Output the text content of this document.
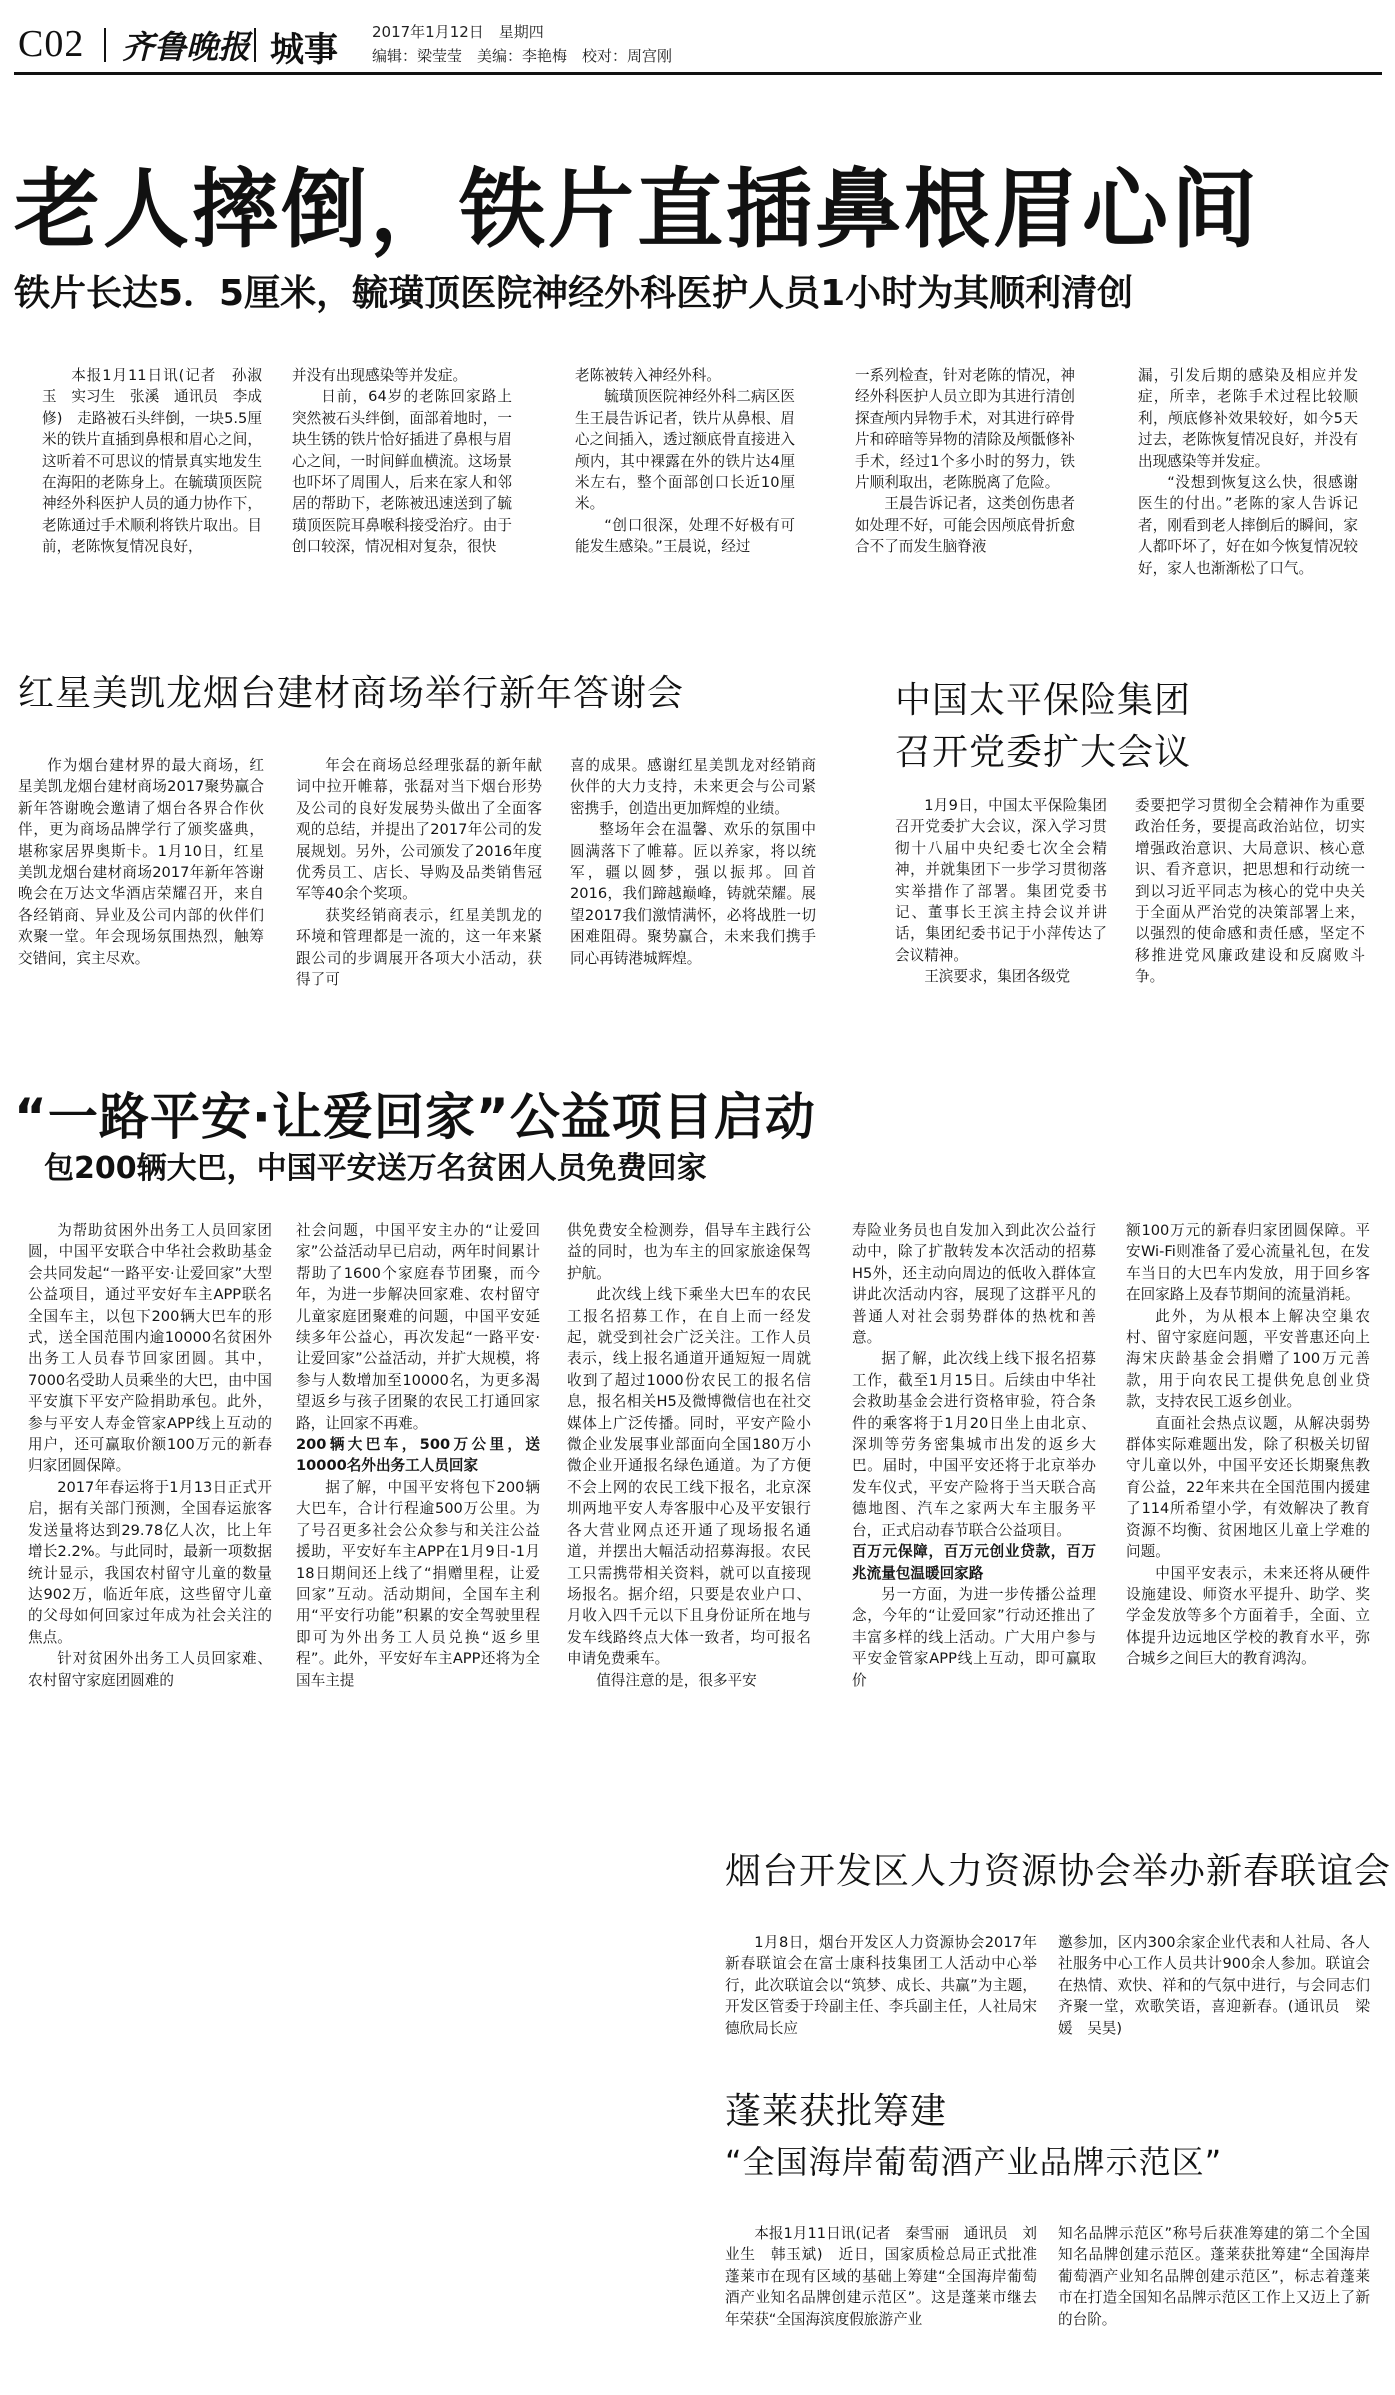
C02 齐鲁晚报 城事 2017年1月12日　星期四
编辑：梁莹莹　美编：李艳梅　校对：周宫刚
老人摔倒，铁片直插鼻根眉心间
铁片长达5．5厘米，毓璜顶医院神经外科医护人员1小时为其顺利清创

本报1月11日讯(记者　孙淑玉　实习生　张溪　通讯员　李成修)　走路被石头绊倒，一块5.5厘米的铁片直插到鼻根和眉心之间，这听着不可思议的情景真实地发生在海阳的老陈身上。在毓璜顶医院神经外科医护人员的通力协作下，老陈通过手术顺利将铁片取出。目前，老陈恢复情况良好，

并没有出现感染等并发症。

日前，64岁的老陈回家路上突然被石头绊倒，面部着地时，一块生锈的铁片恰好插进了鼻根与眉心之间，一时间鲜血横流。这场景也吓坏了周围人，后来在家人和邻居的帮助下，老陈被迅速送到了毓璜顶医院耳鼻喉科接受治疗。由于创口较深，情况相对复杂，很快

老陈被转入神经外科。

毓璜顶医院神经外科二病区医生王晨告诉记者，铁片从鼻根、眉心之间插入，透过额底骨直接进入颅内，其中裸露在外的铁片达4厘米左右，整个面部创口长近10厘米。

“创口很深，处理不好极有可能发生感染。”王晨说，经过

一系列检查，针对老陈的情况，神经外科医护人员立即为其进行清创探查颅内异物手术，对其进行碎骨片和碎暗等异物的清除及颅骶修补手术，经过1个多小时的努力，铁片顺利取出，老陈脱离了危险。

王晨告诉记者，这类创伤患者如处理不好，可能会因颅底骨折愈合不了而发生脑脊液

漏，引发后期的感染及相应并发症，所幸，老陈手术过程比较顺利，颅底修补效果较好，如今5天过去，老陈恢复情况良好，并没有出现感染等并发症。

“没想到恢复这么快，很感谢医生的付出。”老陈的家人告诉记者，刚看到老人摔倒后的瞬间，家人都吓坏了，好在如今恢复情况较好，家人也渐渐松了口气。

红星美凯龙烟台建材商场举行新年答谢会

作为烟台建材界的最大商场，红星美凯龙烟台建材商场2017聚势赢合新年答谢晚会邀请了烟台各界合作伙伴，更为商场品牌学行了颁奖盛典，堪称家居界奥斯卡。1月10日，红星美凯龙烟台建材商场2017年新年答谢晚会在万达文华酒店荣耀召开，来自各经销商、异业及公司内部的伙伴们欢聚一堂。年会现场氛围热烈，触筹交错间，宾主尽欢。

年会在商场总经理张磊的新年献词中拉开帷幕，张磊对当下烟台形势及公司的良好发展势头做出了全面客观的总结，并提出了2017年公司的发展规划。另外，公司颁发了2016年度优秀员工、店长、导购及品类销售冠军等40余个奖项。

获奖经销商表示，红星美凯龙的环境和管理都是一流的，这一年来紧跟公司的步调展开各项大小活动，获得了可

喜的成果。感谢红星美凯龙对经销商伙伴的大力支持，未来更会与公司紧密携手，创造出更加辉煌的业绩。

整场年会在温馨、欢乐的氛围中圆满落下了帷幕。匠以养家，将以统军，疆以圆梦，强以振邦。回首2016，我们蹄越巅峰，铸就荣耀。展望2017我们激情满怀，必将战胜一切困难阻碍。聚势赢合，未来我们携手同心再铸港城辉煌。

中国太平保险集团
召开党委扩大会议

1月9日，中国太平保险集团召开党委扩大会议，深入学习贯彻十八届中央纪委七次全会精神，并就集团下一步学习贯彻落实举措作了部署。集团党委书记、董事长王滨主持会议并讲话，集团纪委书记于小萍传达了会议精神。

王滨要求，集团各级党

委要把学习贯彻全会精神作为重要政治任务，要提高政治站位，切实增强政治意识、大局意识、核心意识、看齐意识，把思想和行动统一到以习近平同志为核心的党中央关于全面从严治党的决策部署上来，以强烈的使命感和责任感，坚定不移推进党风廉政建设和反腐败斗争。

“一路平安·让爱回家”公益项目启动
包200辆大巴，中国平安送万名贫困人员免费回家

为帮助贫困外出务工人员回家团圆，中国平安联合中华社会救助基金会共同发起“一路平安·让爱回家”大型公益项目，通过平安好车主APP联名全国车主，以包下200辆大巴车的形式，送全国范围内逾10000名贫困外出务工人员春节回家团圆。其中，7000名受助人员乘坐的大巴，由中国平安旗下平安产险捐助承包。此外，参与平安人寿金管家APP线上互动的用户，还可赢取价额100万元的新春归家团圆保障。

2017年春运将于1月13日正式开启，据有关部门预测，全国春运旅客发送量将达到29.78亿人次，比上年增长2.2%。与此同时，最新一项数据统计显示，我国农村留守儿童的数量达902万，临近年底，这些留守儿童的父母如何回家过年成为社会关注的焦点。

针对贫困外出务工人员回家难、农村留守家庭团圆难的

社会问题，中国平安主办的“让爱回家”公益活动早已启动，两年时间累计帮助了1600个家庭春节团聚，而今年，为进一步解决回家难、农村留守儿童家庭团聚难的问题，中国平安延续多年公益心，再次发起“一路平安·让爱回家”公益活动，并扩大规模，将参与人数增加至10000名，为更多渴望返乡与孩子团聚的农民工打通回家路，让回家不再难。

200辆大巴车，500万公里，送10000名外出务工人员回家

据了解，中国平安将包下200辆大巴车，合计行程逾500万公里。为了号召更多社会公众参与和关注公益援助，平安好车主APP在1月9日-1月18日期间还上线了“捐赠里程，让爱回家”互动。活动期间，全国车主利用“平安行功能”积累的安全驾驶里程即可为外出务工人员兑换“返乡里程”。此外，平安好车主APP还将为全国车主提

供免费安全检测券，倡导车主践行公益的同时，也为车主的回家旅途保驾护航。

此次线上线下乘坐大巴车的农民工报名招募工作，在自上而一经发起，就受到社会广泛关注。工作人员表示，线上报名通道开通短短一周就收到了超过1000份农民工的报名信息，报名相关H5及微博微信也在社交媒体上广泛传播。同时，平安产险小微企业发展事业部面向全国180万小微企业开通报名绿色通道。为了方便不会上网的农民工线下报名，北京深圳两地平安人寿客服中心及平安银行各大营业网点还开通了现场报名通道，并摆出大幅活动招募海报。农民工只需携带相关资料，就可以直接现场报名。据介绍，只要是农业户口、月收入四千元以下且身份证所在地与发车线路终点大体一致者，均可报名申请免费乘车。

值得注意的是，很多平安

寿险业务员也自发加入到此次公益行动中，除了扩散转发本次活动的招募H5外，还主动向周边的低收入群体宣讲此次活动内容，展现了这群平凡的普通人对社会弱势群体的热枕和善意。

据了解，此次线上线下报名招募工作，截至1月15日。后续由中华社会救助基金会进行资格审验，符合条件的乘客将于1月20日坐上由北京、深圳等劳务密集城市出发的返乡大巴。届时，中国平安还将于北京举办发车仪式，平安产险将于当天联合高德地图、汽车之家两大车主服务平台，正式启动春节联合公益项目。

百万元保障，百万元创业贷款，百万兆流量包温暖回家路

另一方面，为进一步传播公益理念，今年的“让爱回家”行动还推出了丰富多样的线上活动。广大用户参与平安金管家APP线上互动，即可赢取价

额100万元的新春归家团圆保障。平安Wi-Fi则准备了爱心流量礼包，在发车当日的大巴车内发放，用于回乡客在回家路上及春节期间的流量消耗。

此外，为从根本上解决空巢农村、留守家庭问题，平安普惠还向上海宋庆龄基金会捐赠了100万元善款，用于向农民工提供免息创业贷款，支持农民工返乡创业。

直面社会热点议题，从解决弱势群体实际难题出发，除了积极关切留守儿童以外，中国平安还长期聚焦教育公益，22年来共在全国范围内援建了114所希望小学，有效解决了教育资源不均衡、贫困地区儿童上学难的问题。

中国平安表示，未来还将从硬件设施建设、师资水平提升、助学、奖学金发放等多个方面着手，全面、立体提升边远地区学校的教育水平，弥合城乡之间巨大的教育鸿沟。

烟台开发区人力资源协会举办新春联谊会

1月8日，烟台开发区人力资源协会2017年新春联谊会在富士康科技集团工人活动中心举行，此次联谊会以“筑梦、成长、共赢”为主题，开发区管委于玲副主任、李兵副主任，人社局宋德欣局长应

邀参加，区内300余家企业代表和人社局、各人社服务中心工作人员共计900余人参加。联谊会在热情、欢快、祥和的气氛中进行，与会同志们齐聚一堂，欢歌笑语，喜迎新春。(通讯员　梁媛　吴昊)

蓬莱获批筹建
“全国海岸葡萄酒产业品牌示范区”

本报1月11日讯(记者　秦雪丽　通讯员　刘业生　韩玉斌)　近日，国家质检总局正式批准蓬莱市在现有区域的基础上筹建“全国海岸葡萄酒产业知名品牌创建示范区”。这是蓬莱市继去年荣获“全国海滨度假旅游产业

知名品牌示范区”称号后获准筹建的第二个全国知名品牌创建示范区。蓬莱获批筹建“全国海岸葡萄酒产业知名品牌创建示范区”，标志着蓬莱市在打造全国知名品牌示范区工作上又迈上了新的台阶。
